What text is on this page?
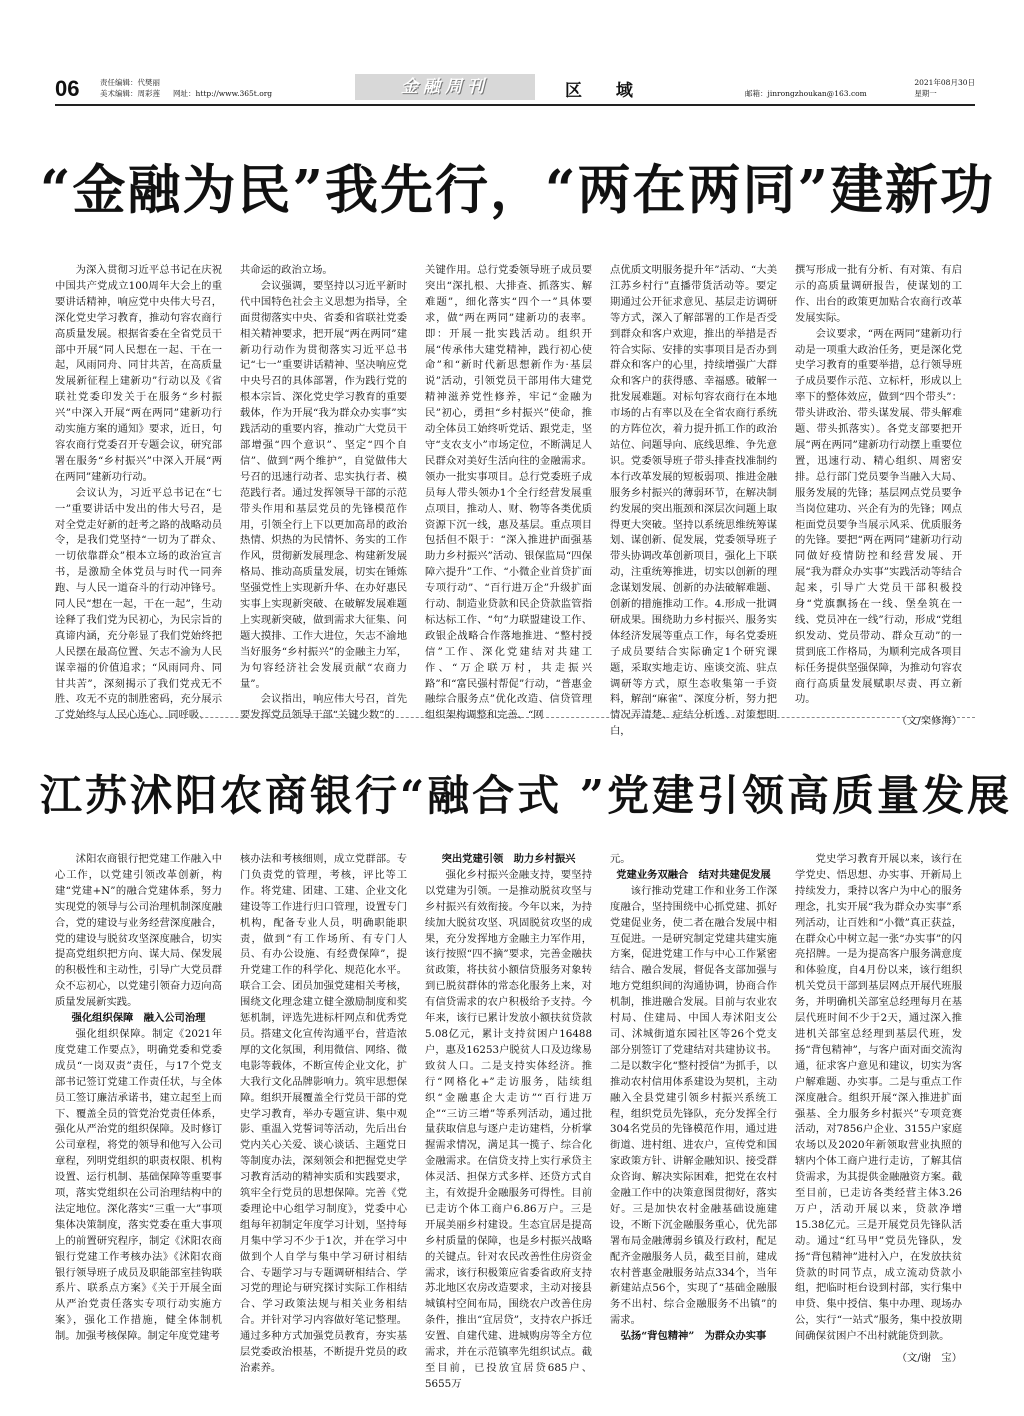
06	责任编辑：代樊丽
美术编辑：周彩莲 网址：http://www.365t.org	金融周刊	区 域	邮箱：jinrongzhoukan@163.com
2021年08月30日
星期一
“金融为民”我先行，“两在两同”建新功

为深入贯彻习近平总书记在庆祝中国共产党成立100周年大会上的重要讲话精神，响应党中央伟大号召，深化党史学习教育，推动句容农商行高质量发展。根据省委在全省党员干部中开展“同人民想在一起、干在一起，风雨同舟、同甘共苦，在高质量发展新征程上建新功”行动以及《省联社党委印发关于在服务“乡村振兴”中深入开展“两在两同”建新功行动实施方案的通知》要求，近日，句容农商行党委召开专题会议，研究部署在服务“乡村振兴”中深入开展“两在两同”建新功行动。

会议认为，习近平总书记在“七一”重要讲话中发出的伟大号召，是对全党走好新的赶考之路的战略动员令，是我们党坚持“一切为了群众、一切依靠群众”根本立场的政治宣言书，是激励全体党员与时代一同奔跑、与人民一道奋斗的行动冲锋号。同人民“想在一起，干在一起”，生动诠释了我们党为民初心，为民宗旨的真谛内涵，充分彰显了我们党始终把人民摆在最高位置、矢志不渝为人民谋幸福的价值追求；“风雨同舟、同甘共苦”，深刻揭示了我们党戎无不胜、攻无不克的制胜密码，充分展示了党始终与人民心连心、同呼吸、

共命运的政治立场。

会议强调，要坚持以习近平新时代中国特色社会主义思想为指导，全面贯彻落实中央、省委和省联社党委相关精神要求，把开展“两在两同”建新功行动作为贯彻落实习近平总书记“七一”重要讲话精神、坚决响应党中央号召的具体部署，作为践行党的根本宗旨、深化党史学习教育的重要载体，作为开展“我为群众办实事”实践活动的重要内容，推动广大党员干部增强“四个意识”、坚定“四个自信”、做到“两个维护”，自觉做伟大号召的迅速行动者、忠实执行者、模范践行者。通过发挥领导干部的示范带头作用和基层党员的先锋模范作用，引领全行上下以更加高昂的政治热情、炽热的为民情怀、务实的工作作风，贯彻新发展理念、构建新发展格局、推动高质量发展，切实在锤炼坚强党性上实现新升华、在办好惠民实事上实现新突破、在破解发展难题上实现新突破，做到需求大征集、问题大摸排、工作大进位，矢志不渝地当好服务“乡村振兴”的金融主力军，为句容经济社会发展贡献“农商力量”。

会议指出，响应伟大号召，首先要发挥党员领导干部“关键少数”的

关键作用。总行党委领导班子成员要突出“深扎根、大排查、抓落实、解难题”，细化落实“四个一”具体要求，做“两在两同”建新功的表率。即：开展一批实践活动。组织开展“传承伟大建党精神，践行初心使命”和“新时代新思想新作为·基层说”活动，引领党员干部用伟大建党精神滋养党性修养，牢记“金融为民”初心，勇担“乡村振兴”使命，推动全体员工始终听党话、跟党走，坚守“支农支小”市场定位，不断满足人民群众对美好生活向往的金融需求。领办一批实事项目。总行党委班子成员每人带头领办1个全行经营发展重点项目，推动人、财、物等各类优质资源下沉一线，惠及基层。重点项目包括但不限于：“深入推进护面强基 助力乡村振兴”活动、银保监局“四保障六提升”工作、“小微企业首贷扩面专项行动”、“百行进万企”升级扩面行动、制造业贷款和民企贷款监管指标达标工作、“句”力联盟建设工作、政银企战略合作落地推进、“整村授信”工作、深化党建结对共建工作、“万企联万村，共走振兴路”和“富民强村帮促”行动，“普惠金融综合服务点”优化改造、信贷管理组织架构调整和完善、“网

点优质文明服务提升年”活动、“大美江苏乡村行”直播带货活动等。要定期通过公开征求意见、基层走访调研等方式，深入了解部署的工作是否受到群众和客户欢迎，推出的举措是否符合实际、安排的实事项目是否办到群众和客户的心里，持续增强广大群众和客户的获得感、幸福感。破解一批发展难题。对标句容农商行在本地市场的占有率以及在全省农商行系统的方阵位次，着力提升抓工作的政治站位、问题导向、底线思维、争先意识。党委领导班子带头排查找准制约本行改革发展的短板弱项、推进金融服务乡村振兴的薄弱环节，在解决制约发展的突出瓶颈和深层次问题上取得更大突破。坚持以系统思维统筹谋划、谋创新、促发展，党委领导班子带头协调改革创新项目，强化上下联动，注重统筹推进，切实以创新的理念谋划发展、创新的办法破解难题、创新的措施推动工作。4.形成一批调研成果。围绕助力乡村振兴、服务实体经济发展等重点工作，每名党委班子成员要结合实际确定1个研究课题，采取实地走访、座谈交流、驻点调研等方式，原生态收集第一手资料，解剖“麻雀”、深度分析，努力把情况弄清楚、症结分析透、对策想明白，

撰写形成一批有分析、有对策、有启示的高质量调研报告，使谋划的工作、出台的政策更加贴合农商行改革发展实际。

会议要求，“两在两同”建新功行动是一项重大政治任务，更是深化党史学习教育的重要举措，总行领导班子成员要作示范、立标杆，形成以上率下的整体效应，做到“四个带头”：带头讲政治、带头谋发展、带头解难题、带头抓落实）。各党支部要把开展“两在两同”建新功行动摆上重要位置，迅速行动、精心组织、周密安排。总行部门党员要争当融入大局、服务发展的先锋；基层网点党员要争当岗位建功、兴企有为的先锋；网点柜面党员要争当展示风采、优质服务的先锋。要把“两在两同”建新功行动同做好疫情防控和经营发展、开展“我为群众办实事”实践活动等结合起来，引导广大党员干部积极投身“党旗飘扬在一线、堡垒筑在一线、党员冲在一线”行动，形成“党组织发动、党员带动、群众互动”的一贯到底工作格局，为顺利完成各项目标任务提供坚强保障，为推动句容农商行高质量发展赋职尽责、再立新功。

（文/栾修海）

江苏沭阳农商银行“融合式 ”党建引领高质量发展

沭阳农商银行把党建工作融入中心工作，以党建引领改革创新，构建“党建+N”的融合党建体系，努力实现党的领导与公司治理机制深度融合，党的建设与业务经营深度融合，党的建设与脱贫攻坚深度融合，切实提高党组织把方向、谋大局、保发展的积极性和主动性，引导广大党员群众不忘初心，以党建引领奋力迈向高质量发展新实践。

强化组织保障　融入公司治理

强化组织保障。制定《2021年度党建工作要点》，明确党委和党委成员“一岗双责”责任，与17个党支部书记签订党建工作责任状，与全体员工签订廉洁承诺书，建立起至上而下、覆盖全员的管党治党责任体系，强化从严治党的组织保障。及时修订公司章程，将党的领导和他写入公司章程，列明党组织的职责权限、机构设置、运行机制、基础保障等重要事项，落实党组织在公司治理结构中的法定地位。深化落实“三重一大”事项集体决策制度，落实党委在重大事项上的前置研究程序，制定《沭阳农商银行党建工作考核办法》《沭阳农商银行领导班子成员及职能部室挂钩联系片、联系点方案》《关于开展全面从严治党责任落实专项行动实施方案》，强化工作措施，健全体制机制。加强考核保障。制定年度党建考

核办法和考核细则，成立党群部。专门负责党的管理，考核，评比等工作。将党建、团建、工建、企业文化建设等工作进行归口管理，设置专门机构，配备专业人员，明确职能职责，做到“有工作场所、有专门人员、有办公设施、有经费保障”，提升党建工作的科学化、规范化水平。联合工会、团员加强党建相关考核，围绕文化理念建立健全激励制度和奖惩机制，评选先进标杆网点和优秀党员。搭建文化宣传沟通平台，营造浓厚的文化氛围，利用微信、网络、微电影等载体，不断宣传企业文化，扩大我行文化品牌影响力。筑牢思想保障。组织开展覆盖全行党员干部的党史学习教育，举办专题宣讲、集中观影、重温入党誓词等活动，先后出台党内关心关爱、谈心谈话、主题党日等制度办法，深刻领会和把握党史学习教育活动的精神实质和实践要求，筑牢全行党员的思想保障。完善《党委理论中心组学习制度》，党委中心组每年初制定年度学习计划，坚持每月集中学习不少于1次，并在学习中做到个人自学与集中学习研讨相结合、专题学习与专题调研相结合、学习党的理论与研究探讨实际工作相结合、学习政策法规与相关业务相结合。并针对学习内容做好笔记整理。通过多种方式加强党员教育，夯实基层党委政治根基，不断提升党员的政治素养。

突出党建引领　助力乡村振兴

强化乡村振兴金融支持，要坚持以党建为引领。一是推动脱贫攻坚与乡村振兴有效衔接。今年以来，为持续加大脱贫攻坚、巩固脱贫攻坚的成果，充分发挥地方金融主力军作用，该行按照“四不摘”要求，完善金融扶贫政策，将扶贫小额信贷服务对象转到已脱贫群体的常态化服务上来，对有信贷需求的农户积极给予支持。今年来，该行已累计发放小额扶贫贷款5.08亿元，累计支持贫困户16488户，惠及16253户脱贫人口及边缘易致贫人口。二是支持实体经济。推行“网格化+”走访服务，陆续组织“金融惠企大走访”“百行进万企”“三访三增”等系列活动，通过批量获取信息与逐户走访建档，分析掌握需求情况，满足其一揽子、综合化金融需求。在信贷支持上实行承贷主体灵活、担保方式多样、还贷方式自主，有效提升金融服务可得性。目前已走访个体工商户6.86万户。三是开展美丽乡村建设。生态宜居是提高乡村质量的保障，也是乡村振兴战略的关键点。针对农民改善性住房资金需求，该行积极策应省委省政府支持苏北地区农房改造要求，主动对接县城镇村空间布局，围绕农户改善住房条件，推出“宜居贷”，支持农户拆迁安置、自建代建、进城购房等全方位需求，并在示范镇率先组织试点。截至目前，已投放宜居贷685户、5655万

元。

党建业务双融合　结对共建促发展

该行推动党建工作和业务工作深度融合，坚持围绕中心抓党建、抓好党建促业务，使二者在融合发展中相互促进。一是研究制定党建共建实施方案，促进党建工作与中心工作紧密结合、融合发展，督促各支部加强与地方党组织间的沟通协调，协商合作机制，推进融合发展。目前与农业农村局、住建局、中国人寿沭阳支公司、沭城街道东园社区等26个党支部分别签订了党建结对共建协议书。二是以数字化“整村授信”为抓手，以推动农村信用体系建设为契机，主动融入全县党建引领乡村振兴系统工程，组织党员先锋队，充分发挥全行304名党员的先锋模范作用，通过进街道、进村组、进农户，宣传党和国家政策方针、讲解金融知识、接受群众咨询、解决实际困难，把党在农村金融工作中的决策意图贯彻好，落实好。三是加快农村金融基础设施建设，不断下沉金融服务重心，优先部署布局金融薄弱乡镇及行政村，配足配齐金融服务人员，截至目前，建成农村普惠金融服务站点334个，当年新建站点56个，实现了“基础金融服务不出村、综合金融服务不出镇”的需求。

弘扬“背包精神”　为群众办实事

党史学习教育开展以来，该行在学党史、悟思想、办实事、开新局上持续发力，秉持以客户为中心的服务理念，扎实开展“我为群众办实事”系列活动，让百姓和“小微”真正获益，在群众心中树立起一张“办实事”的闪亮招牌。一是为提高客户服务满意度和体验度，自4月份以来，该行组织机关党员干部到基层网点开展代班服务，并明确机关部室总经理每月在基层代班时间不少于2天，通过深入推进机关部室总经理到基层代班，发扬“背包精神”，与客户面对面交流沟通，征求客户意见和建议，切实为客户解难题、办实事。二是与重点工作深度融合。组织开展“深入推进扩面强基、全力服务乡村振兴”专项竞赛活动，对7856户企业、3155户家庭农场以及2020年新领取营业执照的辖内个体工商户进行走访，了解其信贷需求，为其提供金融融资方案。截至目前，已走访各类经营主体3.26万户，活动开展以来，贷款净增15.38亿元。三是开展党员先锋队活动。通过“红马甲”党员先锋队，发扬“背包精神”进村入户，在发放扶贫贷款的时同节点，成立流动贷款小组，把临时柜台设到村部，实行集中申贷、集中授信、集中办理、现场办公，实行“一站式”服务，集中投放期间确保贫困户不出村就能贷到款。

（文/谢　宝）
